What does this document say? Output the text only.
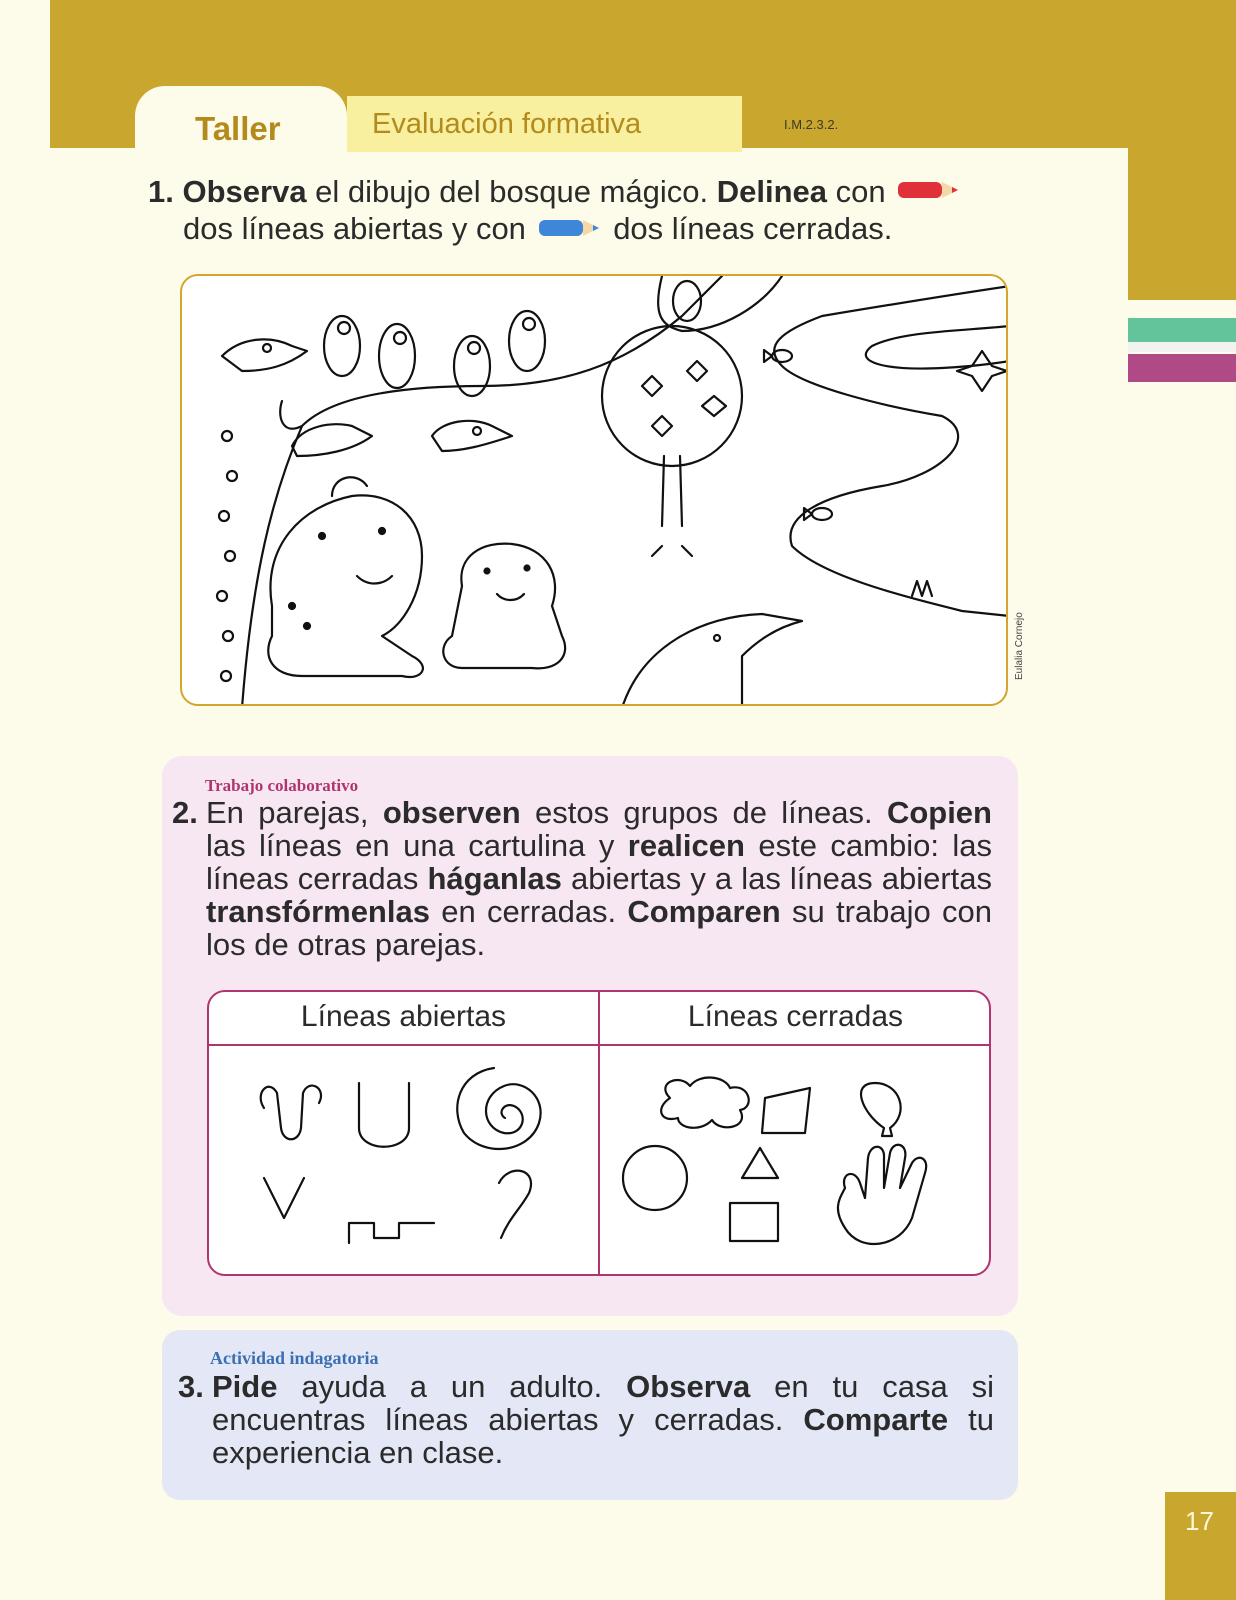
Taller	Evaluación formativa	I.M.2.3.2.
1. Observa el dibujo del bosque mágico. Delinea con
dos líneas abiertas y con	dos líneas cerradas.
Eulalia Cornejo
Trabajo colaborativo
2. En parejas, observen estos grupos de líneas. Copien las líneas en una cartulina y realicen este cambio: las líneas cerradas háganlas abiertas y a las líneas abiertas transfórmenlas en cerradas. Comparen su trabajo con los de otras parejas.
Líneas abiertas	Líneas cerradas
Actividad indagatoria
3. Pide ayuda a un adulto. Observa en tu casa si encuentras líneas abiertas y cerradas. Comparte tu experiencia en clase.
17
